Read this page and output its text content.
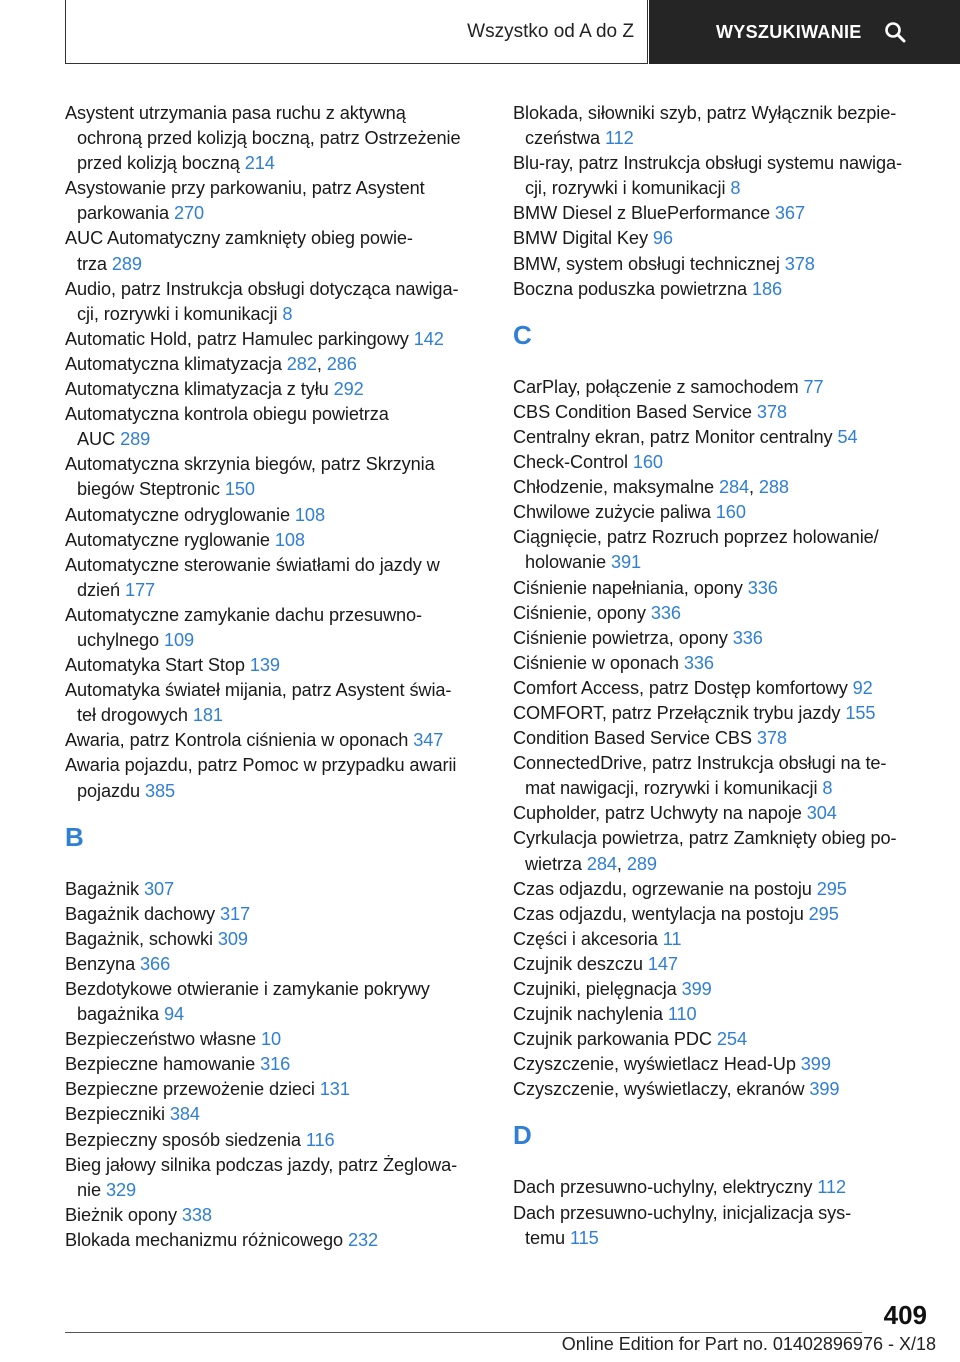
Wszystko od A do Z	WYSZUKIWANIE
Asystent utrzymania pasa ruchu z aktywną
ochroną przed kolizją boczną, patrz Ostrzeżenie
przed kolizją boczną 214
Asystowanie przy parkowaniu, patrz Asystent
parkowania 270
AUC Automatyczny zamknięty obieg powie-
trza 289
Audio, patrz Instrukcja obsługi dotycząca nawiga-
cji, rozrywki i komunikacji 8
Automatic Hold, patrz Hamulec parkingowy 142
Automatyczna klimatyzacja 282, 286
Automatyczna klimatyzacja z tyłu 292
Automatyczna kontrola obiegu powietrza
AUC 289
Automatyczna skrzynia biegów, patrz Skrzynia
biegów Steptronic 150
Automatyczne odryglowanie 108
Automatyczne ryglowanie 108
Automatyczne sterowanie światłami do jazdy w
dzień 177
Automatyczne zamykanie dachu przesuwno-
uchylnego 109
Automatyka Start Stop 139
Automatyka świateł mijania, patrz Asystent świa-
teł drogowych 181
Awaria, patrz Kontrola ciśnienia w oponach 347
Awaria pojazdu, patrz Pomoc w przypadku awarii
pojazdu 385
B
Bagażnik 307
Bagażnik dachowy 317
Bagażnik, schowki 309
Benzyna 366
Bezdotykowe otwieranie i zamykanie pokrywy
bagażnika 94
Bezpieczeństwo własne 10
Bezpieczne hamowanie 316
Bezpieczne przewożenie dzieci 131
Bezpieczniki 384
Bezpieczny sposób siedzenia 116
Bieg jałowy silnika podczas jazdy, patrz Żeglowa-
nie 329
Bieżnik opony 338
Blokada mechanizmu różnicowego 232
Blokada, siłowniki szyb, patrz Wyłącznik bezpie-
czeństwa 112
Blu-ray, patrz Instrukcja obsługi systemu nawiga-
cji, rozrywki i komunikacji 8
BMW Diesel z BluePerformance 367
BMW Digital Key 96
BMW, system obsługi technicznej 378
Boczna poduszka powietrzna 186
C
CarPlay, połączenie z samochodem 77
CBS Condition Based Service 378
Centralny ekran, patrz Monitor centralny 54
Check-Control 160
Chłodzenie, maksymalne 284, 288
Chwilowe zużycie paliwa 160
Ciągnięcie, patrz Rozruch poprzez holowanie/
holowanie 391
Ciśnienie napełniania, opony 336
Ciśnienie, opony 336
Ciśnienie powietrza, opony 336
Ciśnienie w oponach 336
Comfort Access, patrz Dostęp komfortowy 92
COMFORT, patrz Przełącznik trybu jazdy 155
Condition Based Service CBS 378
ConnectedDrive, patrz Instrukcja obsługi na te-
mat nawigacji, rozrywki i komunikacji 8
Cupholder, patrz Uchwyty na napoje 304
Cyrkulacja powietrza, patrz Zamknięty obieg po-
wietrza 284, 289
Czas odjazdu, ogrzewanie na postoju 295
Czas odjazdu, wentylacja na postoju 295
Części i akcesoria 11
Czujnik deszczu 147
Czujniki, pielęgnacja 399
Czujnik nachylenia 110
Czujnik parkowania PDC 254
Czyszczenie, wyświetlacz Head-Up 399
Czyszczenie, wyświetlaczy, ekranów 399
D
Dach przesuwno-uchylny, elektryczny 112
Dach przesuwno-uchylny, inicjalizacja sys-
temu 115
409
Online Edition for Part no. 01402896976 - X/18
